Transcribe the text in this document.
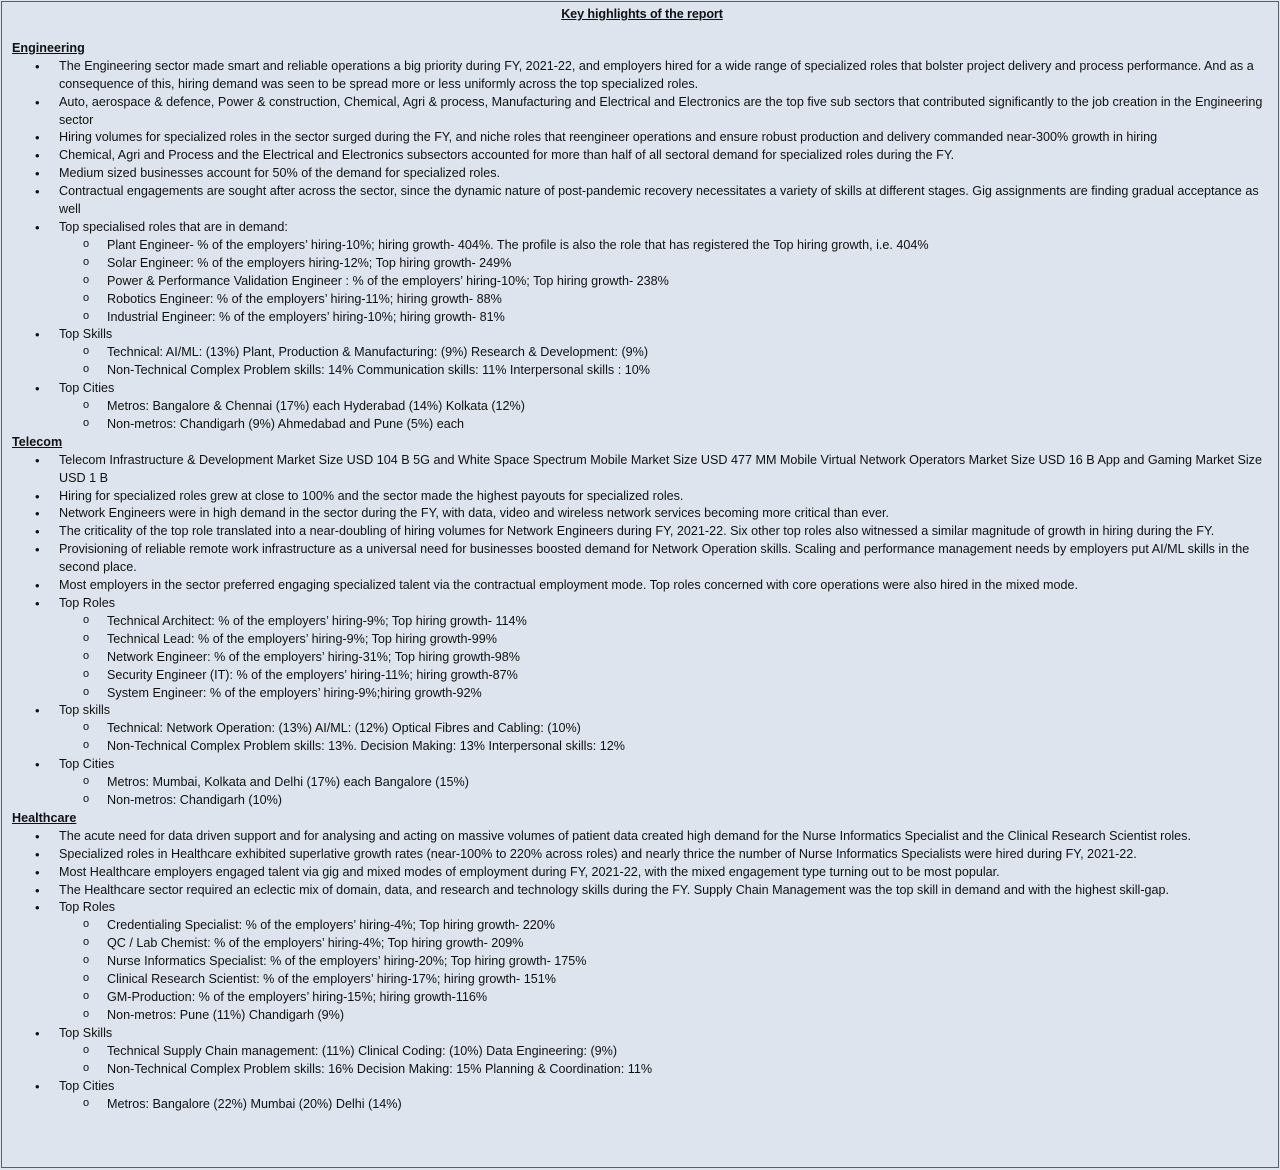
Key highlights of the report
Engineering
• The Engineering sector made smart and reliable operations a big priority during FY, 2021-22, and employers hired for a wide range of specialized roles that bolster project delivery and process performance. And as a consequence of this, hiring demand was seen to be spread more or less uniformly across the top specialized roles.
• Auto, aerospace & defence, Power & construction, Chemical, Agri & process, Manufacturing and Electrical and Electronics are the top five sub sectors that contributed significantly to the job creation in the Engineering sector
• Hiring volumes for specialized roles in the sector surged during the FY, and niche roles that reengineer operations and ensure robust production and delivery commanded near-300% growth in hiring
• Chemical, Agri and Process and the Electrical and Electronics subsectors accounted for more than half of all sectoral demand for specialized roles during the FY.
• Medium sized businesses account for 50% of the demand for specialized roles.
• Contractual engagements are sought after across the sector, since the dynamic nature of post-pandemic recovery necessitates a variety of skills at different stages. Gig assignments are finding gradual acceptance as well
• Top specialised roles that are in demand:
o Plant Engineer- % of the employers’ hiring-10%; hiring growth- 404%. The profile is also the role that has registered the Top hiring growth, i.e. 404%
o Solar Engineer: % of the employers hiring-12%; Top hiring growth- 249%
o Power & Performance Validation Engineer : % of the employers’ hiring-10%; Top hiring growth- 238%
o Robotics Engineer: % of the employers’ hiring-11%; hiring growth- 88%
o Industrial Engineer: % of the employers’ hiring-10%; hiring growth- 81%
• Top Skills
o Technical: AI/ML: (13%) Plant, Production & Manufacturing: (9%) Research & Development: (9%)
o Non-Technical Complex Problem skills: 14% Communication skills: 11% Interpersonal skills : 10%
• Top Cities
o Metros: Bangalore & Chennai (17%) each Hyderabad (14%) Kolkata (12%)
o Non-metros: Chandigarh (9%) Ahmedabad and Pune (5%) each
Telecom
• Telecom Infrastructure & Development Market Size USD 104 B 5G and White Space Spectrum Mobile Market Size USD 477 MM Mobile Virtual Network Operators Market Size USD 16 B App and Gaming Market Size USD 1 B
• Hiring for specialized roles grew at close to 100% and the sector made the highest payouts for specialized roles.
• Network Engineers were in high demand in the sector during the FY, with data, video and wireless network services becoming more critical than ever.
• The criticality of the top role translated into a near-doubling of hiring volumes for Network Engineers during FY, 2021-22. Six other top roles also witnessed a similar magnitude of growth in hiring during the FY.
• Provisioning of reliable remote work infrastructure as a universal need for businesses boosted demand for Network Operation skills. Scaling and performance management needs by employers put AI/ML skills in the second place.
• Most employers in the sector preferred engaging specialized talent via the contractual employment mode. Top roles concerned with core operations were also hired in the mixed mode.
• Top Roles
o Technical Architect: % of the employers’ hiring-9%; Top hiring growth- 114%
o Technical Lead: % of the employers’ hiring-9%; Top hiring growth-99%
o Network Engineer: % of the employers’ hiring-31%; Top hiring growth-98%
o Security Engineer (IT): % of the employers’ hiring-11%; hiring growth-87%
o System Engineer: % of the employers’ hiring-9%;hiring growth-92%
• Top skills
o Technical: Network Operation: (13%) AI/ML: (12%) Optical Fibres and Cabling: (10%)
o Non-Technical Complex Problem skills: 13%. Decision Making: 13% Interpersonal skills: 12%
• Top Cities
o Metros: Mumbai, Kolkata and Delhi (17%) each Bangalore (15%)
o Non-metros: Chandigarh (10%)
Healthcare
• The acute need for data driven support and for analysing and acting on massive volumes of patient data created high demand for the Nurse Informatics Specialist and the Clinical Research Scientist roles.
• Specialized roles in Healthcare exhibited superlative growth rates (near-100% to 220% across roles) and nearly thrice the number of Nurse Informatics Specialists were hired during FY, 2021-22.
• Most Healthcare employers engaged talent via gig and mixed modes of employment during FY, 2021-22, with the mixed engagement type turning out to be most popular.
• The Healthcare sector required an eclectic mix of domain, data, and research and technology skills during the FY. Supply Chain Management was the top skill in demand and with the highest skill-gap.
• Top Roles
o Credentialing Specialist: % of the employers’ hiring-4%; Top hiring growth- 220%
o QC / Lab Chemist: % of the employers’ hiring-4%; Top hiring growth- 209%
o Nurse Informatics Specialist: % of the employers’ hiring-20%; Top hiring growth- 175%
o Clinical Research Scientist: % of the employers’ hiring-17%; hiring growth- 151%
o GM-Production: % of the employers’ hiring-15%; hiring growth-116%
o Non-metros: Pune (11%) Chandigarh (9%)
• Top Skills
o Technical Supply Chain management: (11%) Clinical Coding: (10%) Data Engineering: (9%)
o Non-Technical Complex Problem skills: 16% Decision Making: 15% Planning & Coordination: 11%
• Top Cities
o Metros: Bangalore (22%) Mumbai (20%) Delhi (14%)
